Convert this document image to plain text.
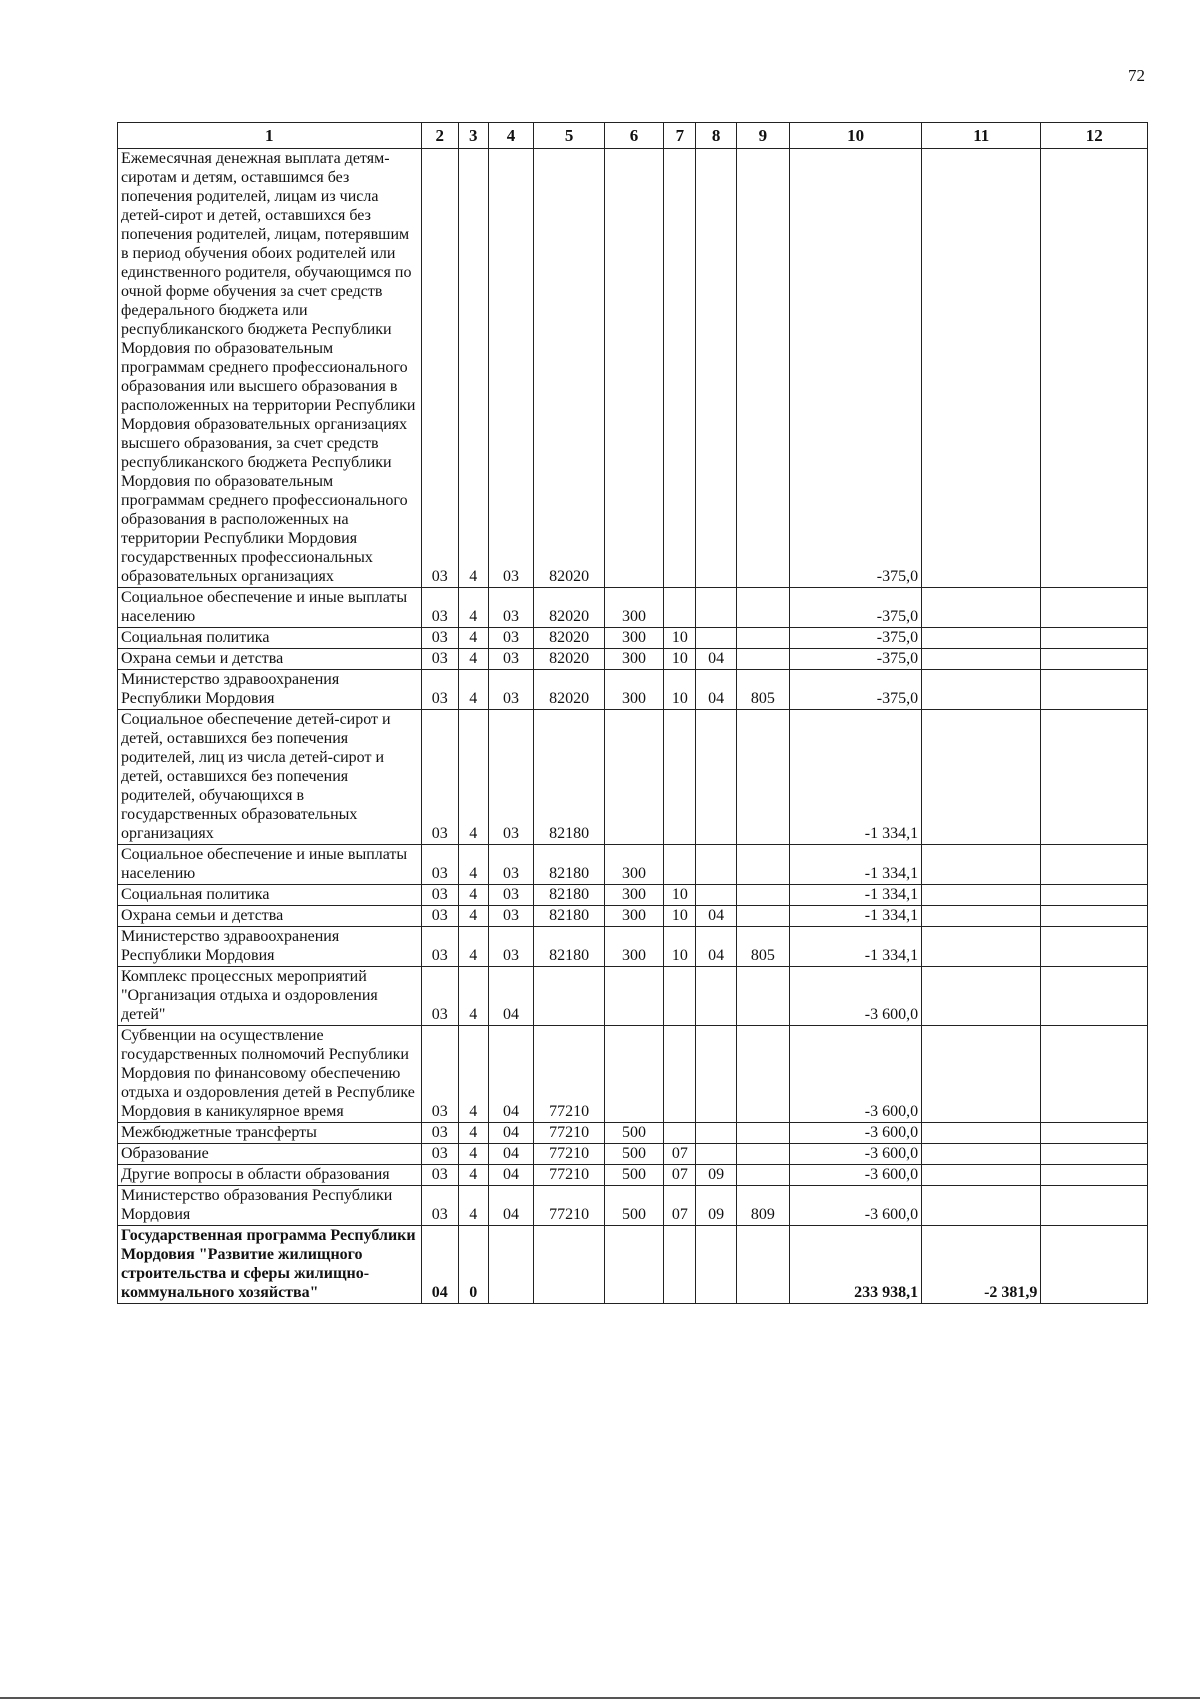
72
1	2	3	4	5	6	7	8	9	10	11	12
Ежемесячная денежная выплата детям-сиротам и детям, оставшимся без попечения родителей, лицам из числа детей-сирот и детей, оставшихся без попечения родителей, лицам, потерявшим в период обучения обоих родителей или единственного родителя, обучающимся по очной форме обучения за счет средств федерального бюджета или республиканского бюджета Республики Мордовия по образовательным программам среднего профессионального образования или высшего образования в расположенных на территории Республики Мордовия образовательных организациях высшего образования, за счет средств республиканского бюджета Республики Мордовия по образовательным программам среднего профессионального образования в расположенных на территории Республики Мордовия государственных профессиональных образовательных организациях	03	4	03	82020					-375,0		
Социальное обеспечение и иные выплаты населению	03	4	03	82020	300				-375,0		
Социальная политика	03	4	03	82020	300	10			-375,0		
Охрана семьи и детства	03	4	03	82020	300	10	04		-375,0		
Министерство здравоохранения Республики Мордовия	03	4	03	82020	300	10	04	805	-375,0		
Социальное обеспечение детей-сирот и детей, оставшихся без попечения родителей, лиц из числа детей-сирот и детей, оставшихся без попечения родителей, обучающихся в государственных образовательных организациях	03	4	03	82180					-1 334,1		
Социальное обеспечение и иные выплаты населению	03	4	03	82180	300				-1 334,1		
Социальная политика	03	4	03	82180	300	10			-1 334,1		
Охрана семьи и детства	03	4	03	82180	300	10	04		-1 334,1		
Министерство здравоохранения Республики Мордовия	03	4	03	82180	300	10	04	805	-1 334,1		
Комплекс процессных мероприятий "Организация отдыха и оздоровления детей"	03	4	04						-3 600,0		
Субвенции на осуществление государственных полномочий Республики Мордовия по финансовому обеспечению отдыха и оздоровления детей в Республике Мордовия в каникулярное время	03	4	04	77210					-3 600,0		
Межбюджетные трансферты	03	4	04	77210	500				-3 600,0		
Образование	03	4	04	77210	500	07			-3 600,0		
Другие вопросы в области образования	03	4	04	77210	500	07	09		-3 600,0		
Министерство образования Республики Мордовия	03	4	04	77210	500	07	09	809	-3 600,0		
Государственная программа Республики Мордовия "Развитие жилищного строительства и сферы жилищно-коммунального хозяйства"	04	0							233 938,1	-2 381,9	
